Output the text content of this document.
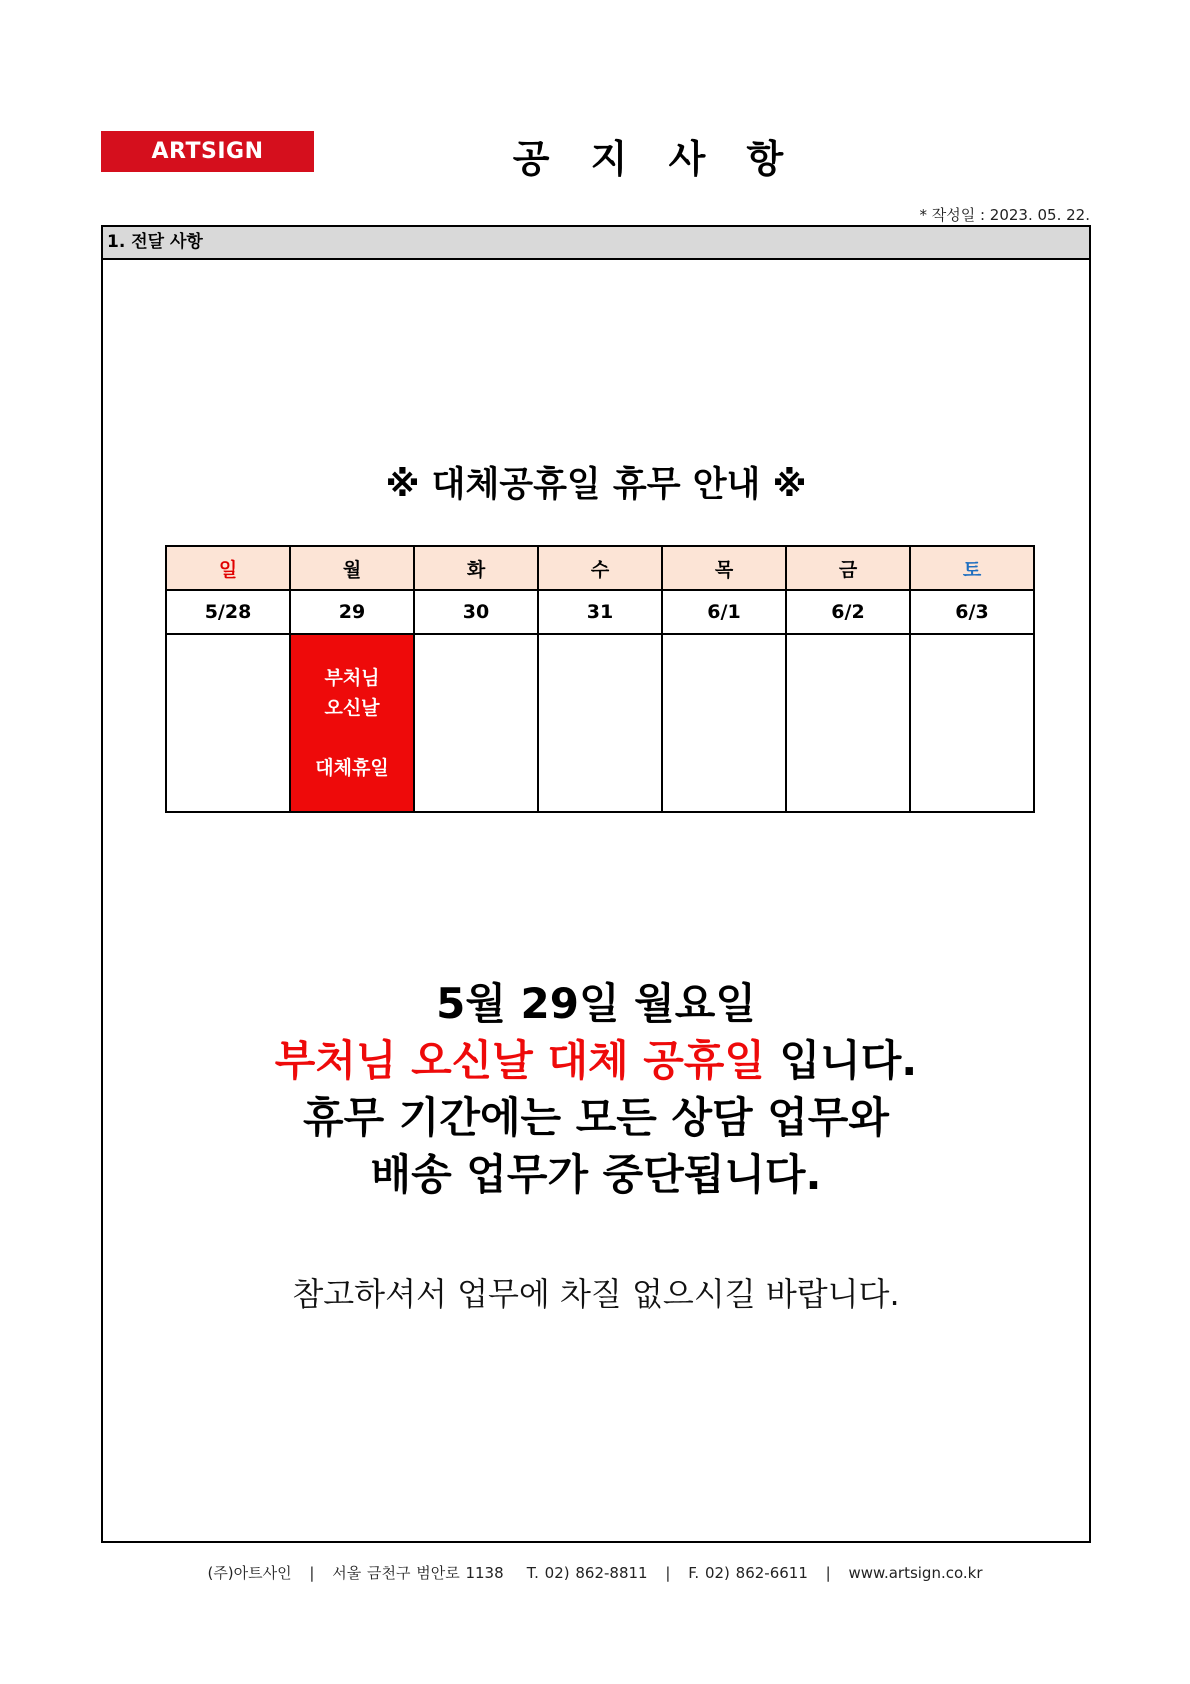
ARTSIGN	공 지 사 항
* 작성일 : 2023. 05. 22.
1. 전달 사항
※ 대체공휴일 휴무 안내 ※
일	월	화	수	목	금	토
5/28	29	30	31	6/1	6/2	6/3

	부처님
오신날
대체휴일					

5월 29일 월요일
부처님 오신날 대체 공휴일 입니다.
휴무 기간에는 모든 상담 업무와
배송 업무가 중단됩니다.
참고하셔서 업무에 차질 없으시길 바랍니다.
(주)아트사인 | 서울 금천구 범안로 1138 T. 02) 862-8811 | F. 02) 862-6611 | www.artsign.co.kr
